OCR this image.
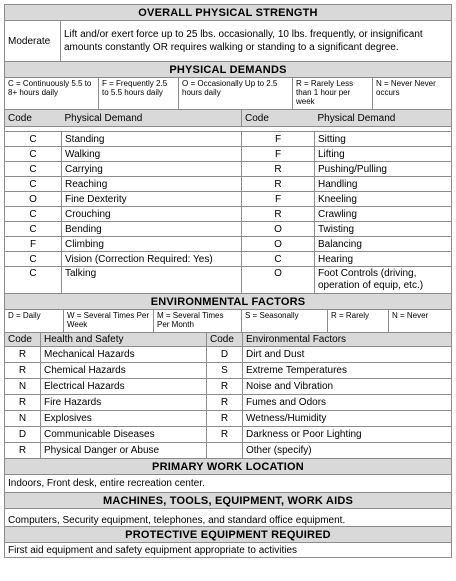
OVERALL PHYSICAL STRENGTH
Moderate	Lift and/or exert force up to 25 lbs. occasionally, 10 lbs. frequently, or insignificant amounts constantly OR requires walking or standing to a significant degree.
PHYSICAL DEMANDS
C = Continuously 5.5 to 8+ hours daily	F = Frequently 2.5 to 5.5 hours daily	O = Occasionally Up to 2.5 hours daily	R = Rarely Less than 1 hour per week	N = Never Never occurs
Code	Physical Demand	Code	Physical Demand

C	Standing	F	Sitting
C	Walking	F	Lifting
C	Carrying	R	Pushing/Pulling
C	Reaching	R	Handling
O	Fine Dexterity	F	Kneeling
C	Crouching	R	Crawling
C	Bending	O	Twisting
F	Climbing	O	Balancing
C	Vision (Correction Required: Yes)	C	Hearing
C	Talking	O	Foot Controls (driving, operation of equip, etc.)
ENVIRONMENTAL FACTORS
D = Daily	W = Several Times Per Week	M = Several Times Per Month	S = Seasonally	R = Rarely	N = Never
Code	Health and Safety	Code	Environmental Factors
R	Mechanical Hazards	D	Dirt and Dust
R	Chemical Hazards	S	Extreme Temperatures
N	Electrical Hazards	R	Noise and Vibration
R	Fire Hazards	R	Fumes and Odors
N	Explosives	R	Wetness/Humidity
D	Communicable Diseases	R	Darkness or Poor Lighting
R	Physical Danger or Abuse		Other (specify)
PRIMARY WORK LOCATION
Indoors, Front desk, entire recreation center.
MACHINES, TOOLS, EQUIPMENT, WORK AIDS
Computers, Security equipment, telephones, and standard office equipment.
PROTECTIVE EQUIPMENT REQUIRED
First aid equipment and safety equipment appropriate to activities
